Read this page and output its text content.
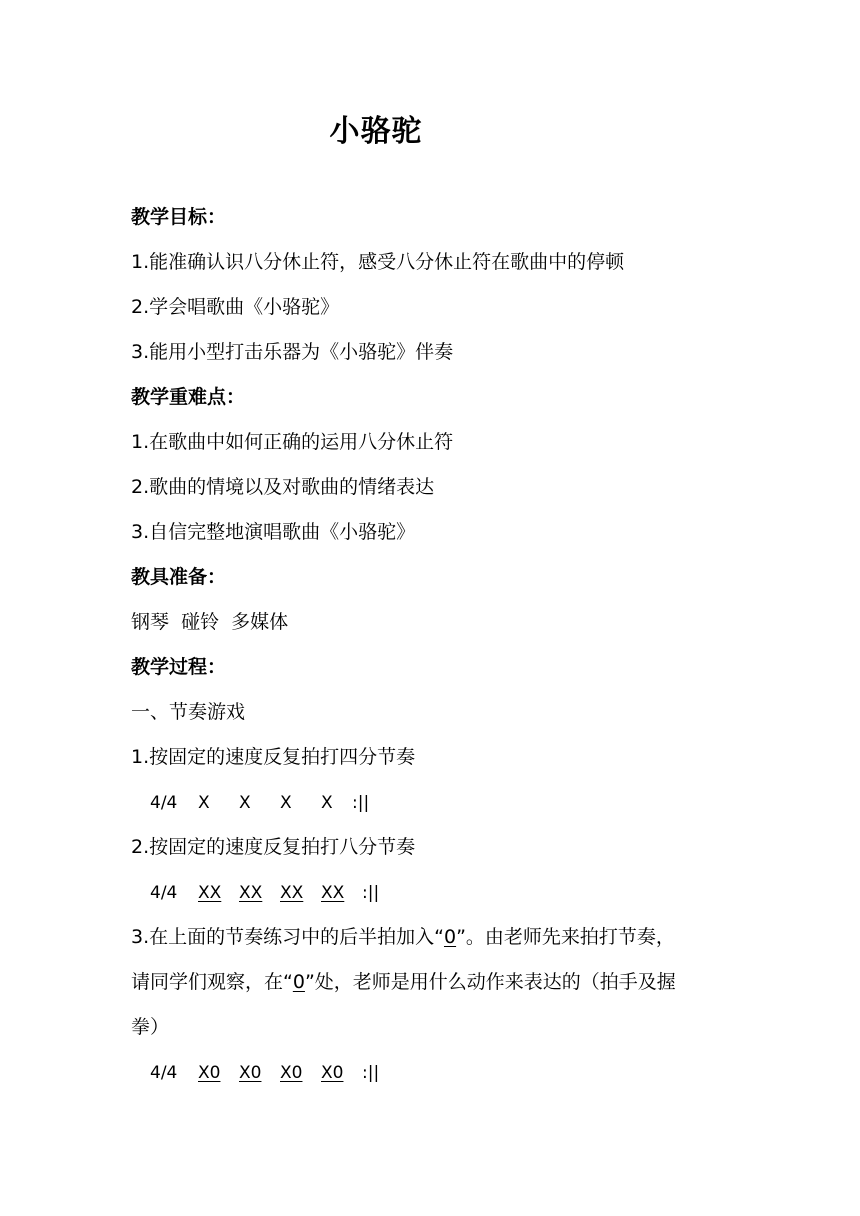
小骆驼
教学目标：
1.能准确认识八分休止符，感受八分休止符在歌曲中的停顿
2.学会唱歌曲《小骆驼》
3.能用小型打击乐器为《小骆驼》伴奏
教学重难点：
1.在歌曲中如何正确的运用八分休止符
2.歌曲的情境以及对歌曲的情绪表达
3.自信完整地演唱歌曲《小骆驼》
教具准备：
钢琴  碰铃  多媒体
教学过程：
一、节奏游戏
1.按固定的速度反复拍打四分节奏
4/4 X X X X :||
2.按固定的速度反复拍打八分节奏
4/4 XX XX XX XX :||
3.在上面的节奏练习中的后半拍加入“0”。由老师先来拍打节奏，
请同学们观察，在“0”处，老师是用什么动作来表达的（拍手及握
拳）
4/4 X0 X0 X0 X0 :||
